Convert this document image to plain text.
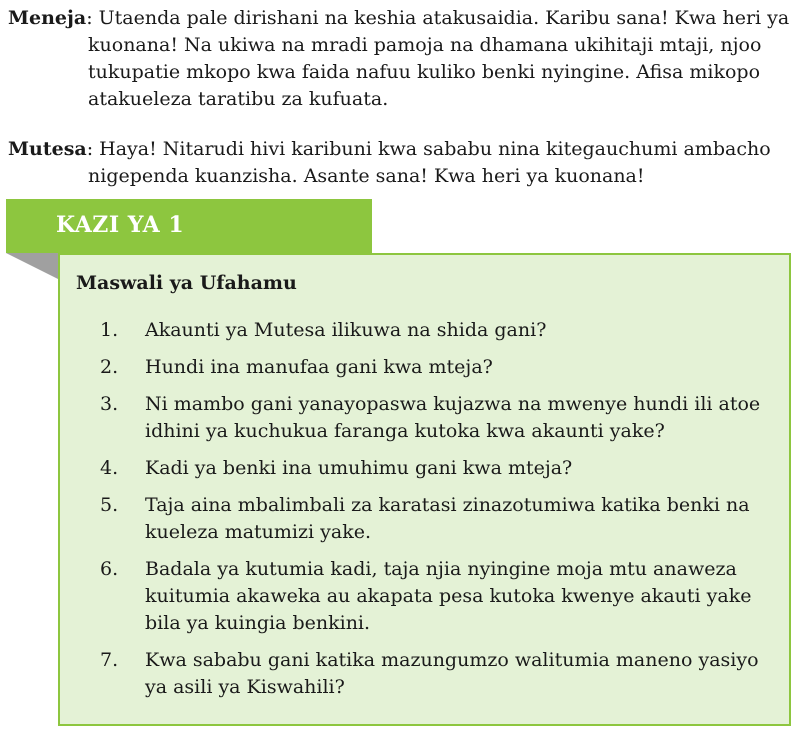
Meneja: Utaenda pale dirishani na keshia atakusaidia. Karibu sana! Kwa heri ya
kuonana! Na ukiwa na mradi pamoja na dhamana ukihitaji mtaji, njoo
tukupatie mkopo kwa faida nafuu kuliko benki nyingine. Afisa mikopo
atakueleza taratibu za kufuata.
Mutesa: Haya! Nitarudi hivi karibuni kwa sababu nina kitegauchumi ambacho
nigependa kuanzisha. Asante sana! Kwa heri ya kuonana!
KAZI YA 1
Maswali ya Ufahamu
1. Akaunti ya Mutesa ilikuwa na shida gani?
2. Hundi ina manufaa gani kwa mteja?
3. Ni mambo gani yanayopaswa kujazwa na mwenye hundi ili atoe
idhini ya kuchukua faranga kutoka kwa akaunti yake?
4. Kadi ya benki ina umuhimu gani kwa mteja?
5. Taja aina mbalimbali za karatasi zinazotumiwa katika benki na
kueleza matumizi yake.
6. Badala ya kutumia kadi, taja njia nyingine moja mtu anaweza
kuitumia akaweka au akapata pesa kutoka kwenye akauti yake
bila ya kuingia benkini.
7. Kwa sababu gani katika mazungumzo walitumia maneno yasiyo
ya asili ya Kiswahili?
